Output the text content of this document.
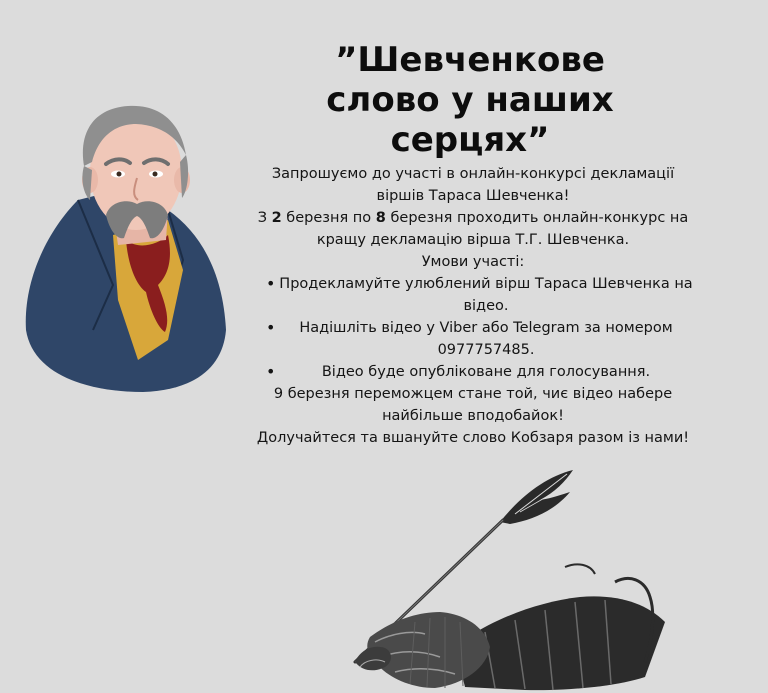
”Шевченкове слово у наших серцях”

Запрошуємо до участі в онлайн-конкурсі декламації віршів Тараса Шевченка!

З 2 березня по 8 березня проходить онлайн-конкурс на кращу декламацію вірша Т.Г. Шевченка.

Умови участі:

• Продекламуйте улюблений вірш Тараса Шевченка на відео.
• Надішліть відео у Viber або Telegram за номером
0977757485.
• Відео буде опубліковане для голосування.

9 березня переможцем стане той, чиє відео набере найбільше вподобайок!

Долучайтеся та вшануйте слово Кобзаря разом із нами!
